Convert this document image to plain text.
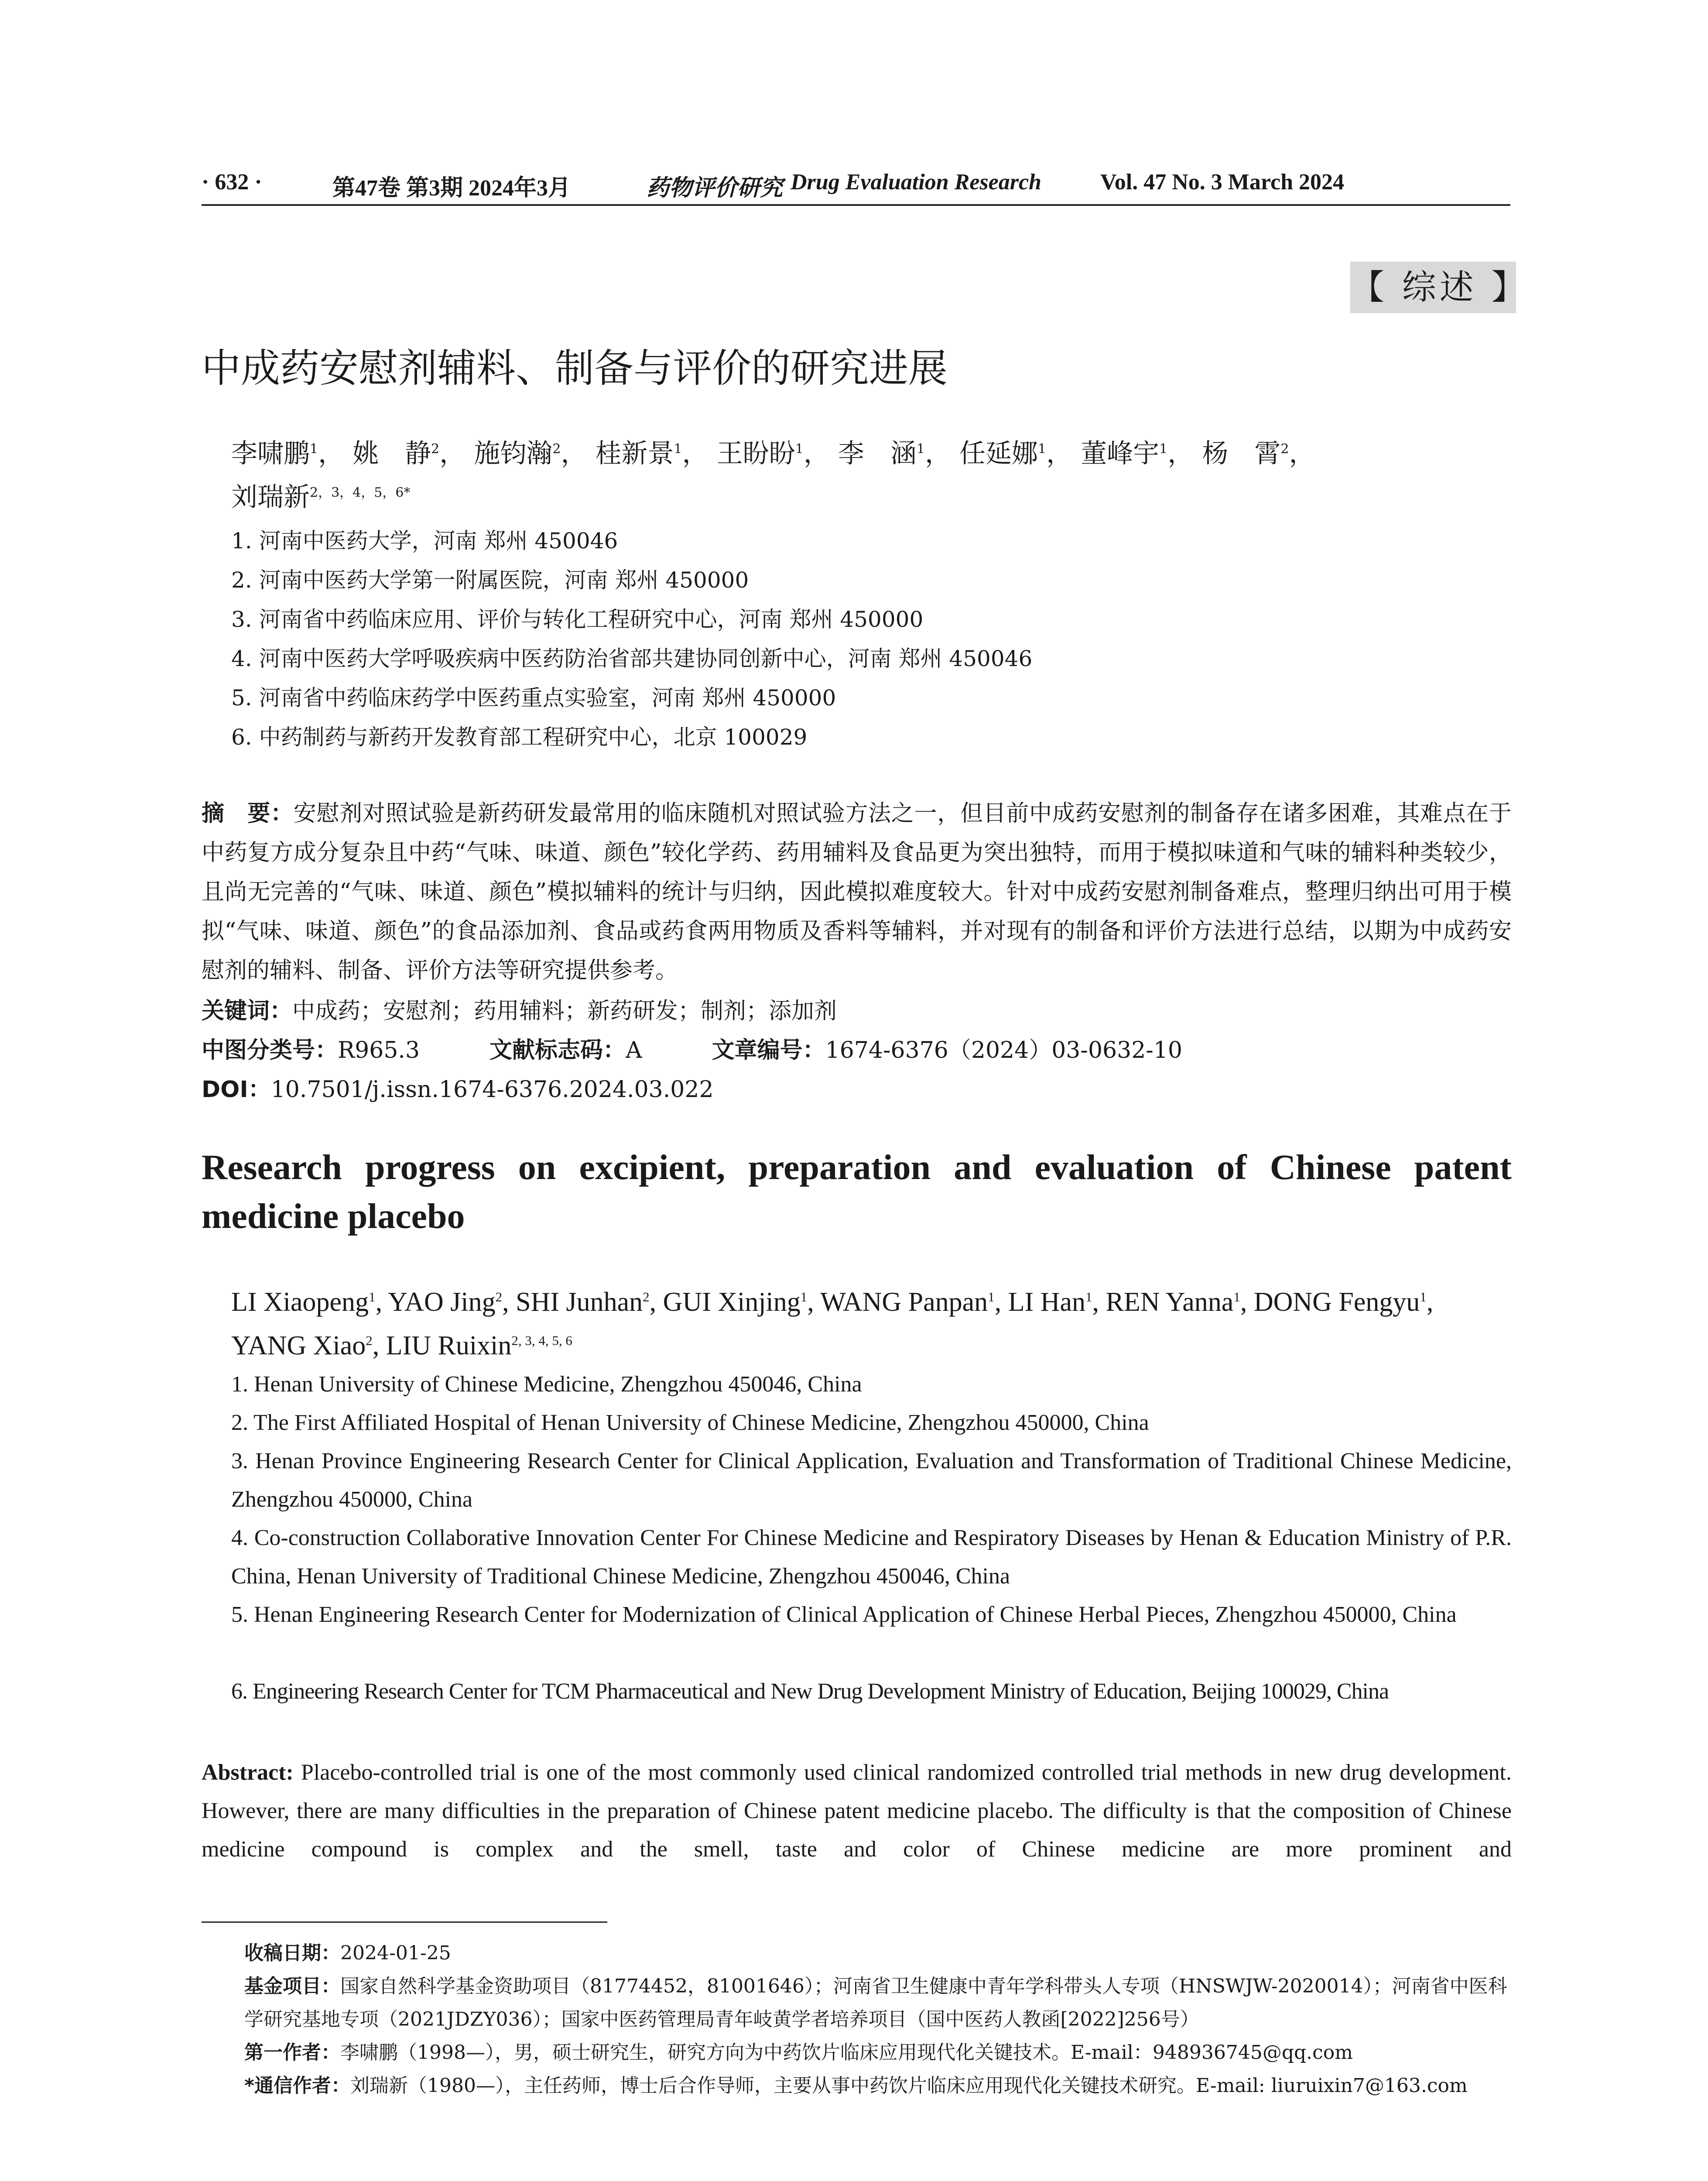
· 632 ·	第47卷 第3期 2024年3月	药物评价研究 Drug Evaluation Research	Vol. 47 No. 3 March 2024
【 综述 】
中成药安慰剂辅料、制备与评价的研究进展
李啸鹏$^1$， 姚　静$^2$， 施钧瀚$^2$， 桂新景$^1$， 王盼盼$^1$， 李　涵$^1$， 任延娜$^1$， 董峰宇$^1$， 杨　霄$^2$，
刘瑞新$^{2,3,4,5,6*}$
1. 河南中医药大学，河南 郑州 450046
2. 河南中医药大学第一附属医院，河南 郑州 450000
3. 河南省中药临床应用、评价与转化工程研究中心，河南 郑州 450000
4. 河南中医药大学呼吸疾病中医药防治省部共建协同创新中心，河南 郑州 450046
5. 河南省中药临床药学中医药重点实验室，河南 郑州 450000
6. 中药制药与新药开发教育部工程研究中心，北京 100029
摘　要：安慰剂对照试验是新药研发最常用的临床随机对照试验方法之一，但目前中成药安慰剂的制备存在诸多困难，其难点在于中药复方成分复杂且中药“气味、味道、颜色”较化学药、药用辅料及食品更为突出独特，而用于模拟味道和气味的辅料种类较少，且尚无完善的“气味、味道、颜色”模拟辅料的统计与归纳，因此模拟难度较大。针对中成药安慰剂制备难点，整理归纳出可用于模拟“气味、味道、颜色”的食品添加剂、食品或药食两用物质及香料等辅料，并对现有的制备和评价方法进行总结，以期为中成药安慰剂的辅料、制备、评价方法等研究提供参考。
关键词：中成药；安慰剂；药用辅料；新药研发；制剂；添加剂
中图分类号：R965.3	文献标志码：A	文章编号：1674-6376（2024）03-0632-10
DOI：10.7501/j.issn.1674-6376.2024.03.022
Research progress on excipient, preparation and evaluation of Chinese patent medicine placebo
LI Xiaopeng$^1$, YAO Jing$^2$, SHI Junhan$^2$, GUI Xinjing$^1$, WANG Panpan$^1$, LI Han$^1$, REN Yanna$^1$, DONG Fengyu$^1$,
YANG Xiao$^2$, LIU Ruixin$^{2, 3, 4, 5, 6}$
1. Henan University of Chinese Medicine, Zhengzhou 450046, China
2. The First Affiliated Hospital of Henan University of Chinese Medicine, Zhengzhou 450000, China
3. Henan Province Engineering Research Center for Clinical Application, Evaluation and Transformation of Traditional Chinese Medicine, Zhengzhou 450000, China
4. Co-construction Collaborative Innovation Center For Chinese Medicine and Respiratory Diseases by Henan & Education Ministry of P.R. China, Henan University of Traditional Chinese Medicine, Zhengzhou 450046, China
5. Henan Engineering Research Center for Modernization of Clinical Application of Chinese Herbal Pieces, Zhengzhou 450000, China
6. Engineering Research Center for TCM Pharmaceutical and New Drug Development Ministry of Education, Beijing 100029, China
Abstract: Placebo-controlled trial is one of the most commonly used clinical randomized controlled trial methods in new drug development. However, there are many difficulties in the preparation of Chinese patent medicine placebo. The difficulty is that the composition of Chinese medicine compound is complex and the smell, taste and color of Chinese medicine are more prominent and
收稿日期：2024-01-25
基金项目：国家自然科学基金资助项目（81774452，81001646）；河南省卫生健康中青年学科带头人专项（HNSWJW-2020014）；河南省中医科学研究基地专项（2021JDZY036）；国家中医药管理局青年岐黄学者培养项目（国中医药人教函[2022]256号）
第一作者：李啸鹏（1998—），男，硕士研究生，研究方向为中药饮片临床应用现代化关键技术。E-mail：948936745@qq.com
*通信作者：刘瑞新（1980—），主任药师，博士后合作导师，主要从事中药饮片临床应用现代化关键技术研究。E-mail: liuruixin7@163.com
